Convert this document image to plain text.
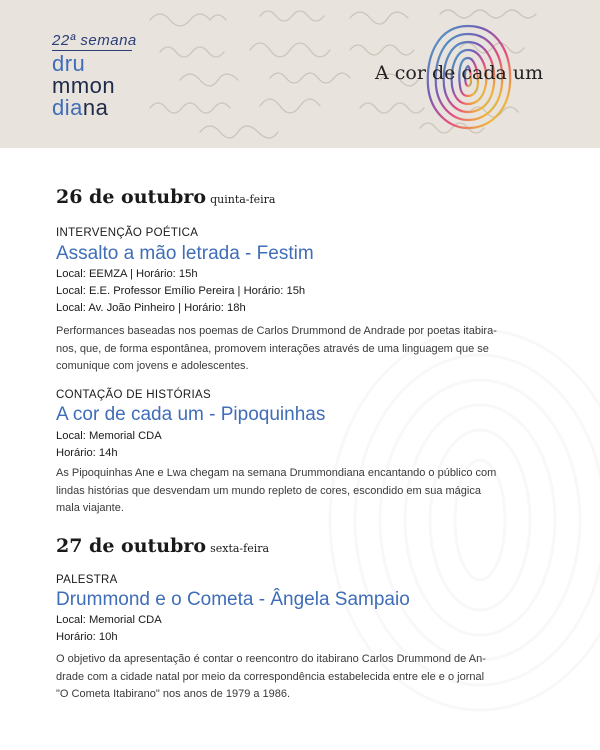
22ª semana
dru
mmon
diana
A cor de cada um
26 de outubro quinta-feira
INTERVENÇÃO POÉTICA
Assalto a mão letrada - Festim
Local: EEMZA | Horário: 15h
Local: E.E. Professor Emílio Pereira | Horário: 15h
Local: Av. João Pinheiro | Horário: 18h
Performances baseadas nos poemas de Carlos Drummond de Andrade por poetas itabira-
nos, que, de forma espontânea, promovem interações através de uma linguagem que se
comunique com jovens e adolescentes.
CONTAÇÃO DE HISTÓRIAS
A cor de cada um - Pipoquinhas
Local: Memorial CDA
Horário: 14h
As Pipoquinhas Ane e Lwa chegam na semana Drummondiana encantando o público com
lindas histórias que desvendam um mundo repleto de cores, escondido em sua mágica
mala viajante.
27 de outubro sexta-feira
PALESTRA
Drummond e o Cometa - Ângela Sampaio
Local: Memorial CDA
Horário: 10h
O objetivo da apresentação é contar o reencontro do itabirano Carlos Drummond de An-
drade com a cidade natal por meio da correspondência estabelecida entre ele e o jornal
"O Cometa Itabirano" nos anos de 1979 a 1986.
